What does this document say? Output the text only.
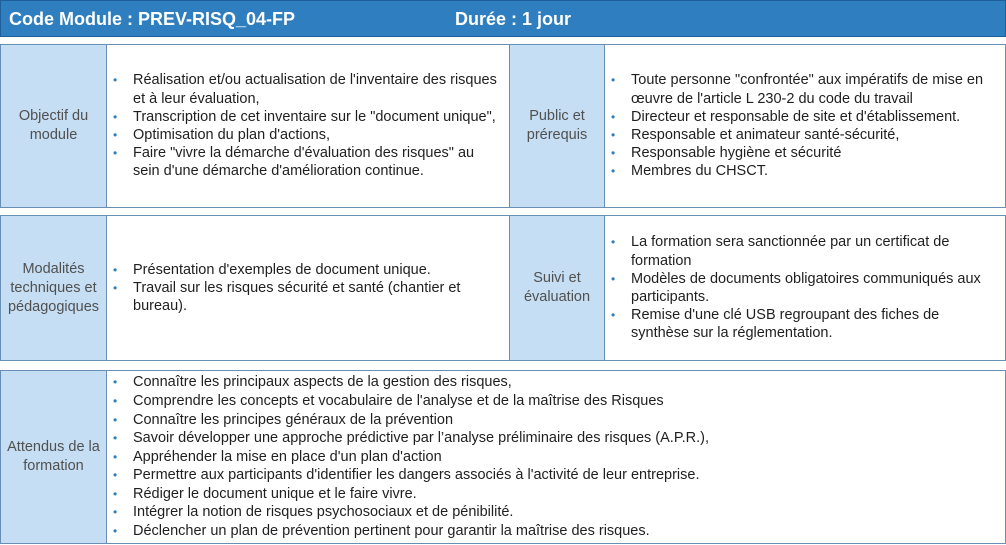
Code Module : PREV-RISQ_04-FP	Durée : 1 jour
Objectif du module
• Réalisation et/ou actualisation de l'inventaire des risques et à leur évaluation,
• Transcription de cet inventaire sur le "document unique",
• Optimisation du plan d'actions,
• Faire "vivre la démarche d'évaluation des risques" au sein d'une démarche d'amélioration continue.
Public et prérequis
• Toute personne "confrontée" aux impératifs de mise en œuvre de l'article L 230-2 du code du travail
• Directeur et responsable de site et d'établissement.
• Responsable et animateur santé-sécurité,
• Responsable hygiène et sécurité
• Membres du CHSCT.
Modalités techniques et pédagogiques
• Présentation d'exemples de document unique.
• Travail sur les risques sécurité et santé (chantier et bureau).
Suivi et évaluation
• La formation sera sanctionnée par un certificat de formation
• Modèles de documents obligatoires communiqués aux participants.
• Remise d'une clé USB regroupant des fiches de synthèse sur la réglementation.
Attendus de la formation
• Connaître les principaux aspects de la gestion des risques,
• Comprendre les concepts et vocabulaire de l'analyse et de la maîtrise des Risques
• Connaître les principes généraux de la prévention
• Savoir développer une approche prédictive par l’analyse préliminaire des risques (A.P.R.),
• Appréhender la mise en place d'un plan d'action
• Permettre aux participants d'identifier les dangers associés à l'activité de leur entreprise.
• Rédiger le document unique et le faire vivre.
• Intégrer la notion de risques psychosociaux et de pénibilité.
• Déclencher un plan de prévention pertinent pour garantir la maîtrise des risques.
